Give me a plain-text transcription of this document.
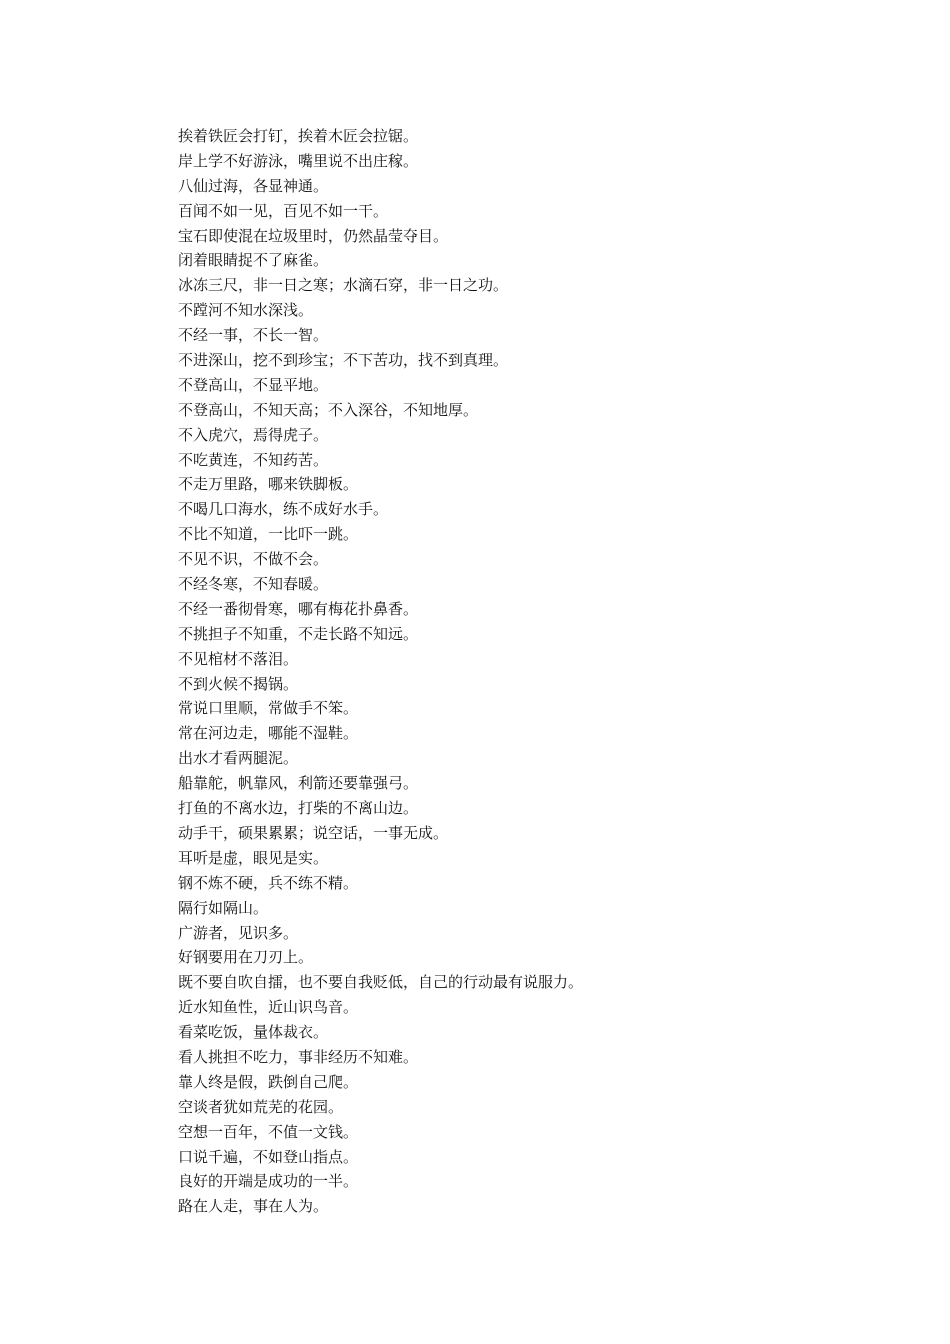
挨着铁匠会打钉，挨着木匠会拉锯。
岸上学不好游泳，嘴里说不出庄稼。
八仙过海，各显神通。
百闻不如一见，百见不如一干。
宝石即使混在垃圾里时，仍然晶莹夺目。
闭着眼睛捉不了麻雀。
冰冻三尺，非一日之寒；水滴石穿，非一日之功。
不蹚河不知水深浅。
不经一事，不长一智。
不进深山，挖不到珍宝；不下苦功，找不到真理。
不登高山，不显平地。
不登高山，不知天高；不入深谷，不知地厚。
不入虎穴，焉得虎子。
不吃黄连，不知药苦。
不走万里路，哪来铁脚板。
不喝几口海水，练不成好水手。
不比不知道，一比吓一跳。
不见不识，不做不会。
不经冬寒，不知春暖。
不经一番彻骨寒，哪有梅花扑鼻香。
不挑担子不知重，不走长路不知远。
不见棺材不落泪。
不到火候不揭锅。
常说口里顺，常做手不笨。
常在河边走，哪能不湿鞋。
出水才看两腿泥。
船靠舵，帆靠风，利箭还要靠强弓。
打鱼的不离水边，打柴的不离山边。
动手干，硕果累累；说空话，一事无成。
耳听是虚，眼见是实。
钢不炼不硬，兵不练不精。
隔行如隔山。
广游者，见识多。
好钢要用在刀刃上。
既不要自吹自擂，也不要自我贬低，自己的行动最有说服力。
近水知鱼性，近山识鸟音。
看菜吃饭，量体裁衣。
看人挑担不吃力，事非经历不知难。
靠人终是假，跌倒自己爬。
空谈者犹如荒芜的花园。
空想一百年，不值一文钱。
口说千遍，不如登山指点。
良好的开端是成功的一半。
路在人走，事在人为。
